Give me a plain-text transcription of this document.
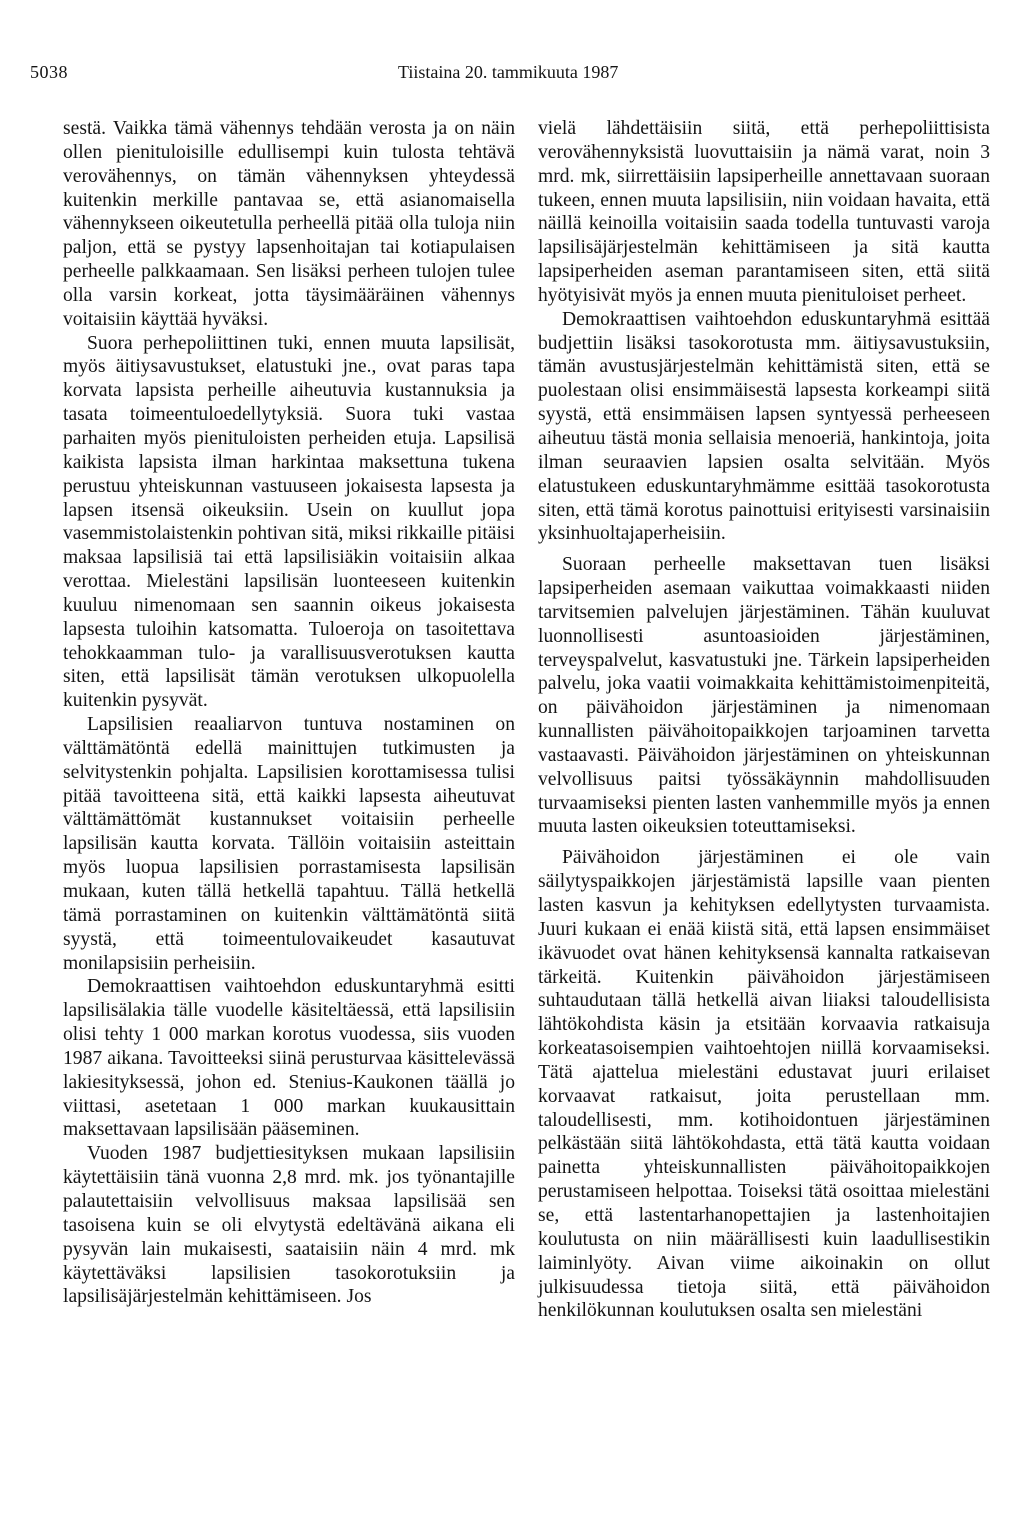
5038	Tiistaina 20. tammikuuta 1987

sestä. Vaikka tämä vähennys tehdään verosta ja on näin ollen pienituloisille edullisempi kuin tulosta tehtävä verovähennys, on tämän vähennyksen yhteydessä kuitenkin merkille pantavaa se, että asianomaisella vähennykseen oikeutetulla perheellä pitää olla tuloja niin paljon, että se pystyy lapsenhoitajan tai kotiapulaisen perheelle palkkaamaan. Sen lisäksi perheen tulojen tulee olla varsin korkeat, jotta täysimääräinen vähennys voitaisiin käyttää hyväksi.

Suora perhepoliittinen tuki, ennen muuta lapsilisät, myös äitiysavustukset, elatustuki jne., ovat paras tapa korvata lapsista perheille aiheutuvia kustannuksia ja tasata toimeentuloedellytyksiä. Suora tuki vastaa parhaiten myös pienituloisten perheiden etuja. Lapsilisä kaikista lapsista ilman harkintaa maksettuna tukena perustuu yhteiskunnan vastuuseen jokaisesta lapsesta ja lapsen itsensä oikeuksiin. Usein on kuullut jopa vasemmistolaistenkin pohtivan sitä, miksi rikkaille pitäisi maksaa lapsilisiä tai että lapsilisiäkin voitaisiin alkaa verottaa. Mielestäni lapsilisän luonteeseen kuitenkin kuuluu nimenomaan sen saannin oikeus jokaisesta lapsesta tuloihin katsomatta. Tuloeroja on tasoitettava tehokkaamman tulo- ja varallisuusverotuksen kautta siten, että lapsilisät tämän verotuksen ulkopuolella kuitenkin pysyvät.

Lapsilisien reaaliarvon tuntuva nostaminen on välttämätöntä edellä mainittujen tutkimusten ja selvitystenkin pohjalta. Lapsilisien korottamisessa tulisi pitää tavoitteena sitä, että kaikki lapsesta aiheutuvat välttämättömät kustannukset voitaisiin perheelle lapsilisän kautta korvata. Tällöin voitaisiin asteittain myös luopua lapsilisien porrastamisesta lapsilisän mukaan, kuten tällä hetkellä tapahtuu. Tällä hetkellä tämä porrastaminen on kuitenkin välttämätöntä siitä syystä, että toimeentulovaikeudet kasautuvat monilapsisiin perheisiin.

Demokraattisen vaihtoehdon eduskuntaryhmä esitti lapsilisälakia tälle vuodelle käsiteltäessä, että lapsilisiin olisi tehty 1 000 markan korotus vuodessa, siis vuoden 1987 aikana. Tavoitteeksi siinä perusturvaa käsittelevässä lakiesityksessä, johon ed. Stenius-Kaukonen täällä jo viittasi, asetetaan 1 000 markan kuukausittain maksettavaan lapsilisään pääseminen.

Vuoden 1987 budjettiesityksen mukaan lapsilisiin käytettäisiin tänä vuonna 2,8 mrd. mk. jos työnantajille palautettaisiin velvollisuus maksaa lapsilisää sen tasoisena kuin se oli elvytystä edeltävänä aikana eli pysyvän lain mukaisesti, saataisiin näin 4 mrd. mk käytettäväksi lapsilisien tasokorotuksiin ja lapsilisäjärjestelmän kehittämiseen. Jos

vielä lähdettäisiin siitä, että perhepoliittisista verovähennyksistä luovuttaisiin ja nämä varat, noin 3 mrd. mk, siirrettäisiin lapsiperheille annettavaan suoraan tukeen, ennen muuta lapsilisiin, niin voidaan havaita, että näillä keinoilla voitaisiin saada todella tuntuvasti varoja lapsilisäjärjestelmän kehittämiseen ja sitä kautta lapsiperheiden aseman parantamiseen siten, että siitä hyötyisivät myös ja ennen muuta pienituloiset perheet.

Demokraattisen vaihtoehdon eduskuntaryhmä esittää budjettiin lisäksi tasokorotusta mm. äitiysavustuksiin, tämän avustusjärjestelmän kehittämistä siten, että se puolestaan olisi ensimmäisestä lapsesta korkeampi siitä syystä, että ensimmäisen lapsen syntyessä perheeseen aiheutuu tästä monia sellaisia menoeriä, hankintoja, joita ilman seuraavien lapsien osalta selvitään. Myös elatustukeen eduskuntaryhmämme esittää tasokorotusta siten, että tämä korotus painottuisi erityisesti varsinaisiin yksinhuoltajaperheisiin.

Suoraan perheelle maksettavan tuen lisäksi lapsiperheiden asemaan vaikuttaa voimakkaasti niiden tarvitsemien palvelujen järjestäminen. Tähän kuuluvat luonnollisesti asuntoasioiden järjestäminen, terveyspalvelut, kasvatustuki jne. Tärkein lapsiperheiden palvelu, joka vaatii voimakkaita kehittämistoimenpiteitä, on päivähoidon järjestäminen ja nimenomaan kunnallisten päivähoitopaikkojen tarjoaminen tarvetta vastaavasti. Päivähoidon järjestäminen on yhteiskunnan velvollisuus paitsi työssäkäynnin mahdollisuuden turvaamiseksi pienten lasten vanhemmille myös ja ennen muuta lasten oikeuksien toteuttamiseksi.

Päivähoidon järjestäminen ei ole vain säilytyspaikkojen järjestämistä lapsille vaan pienten lasten kasvun ja kehityksen edellytysten turvaamista. Juuri kukaan ei enää kiistä sitä, että lapsen ensimmäiset ikävuodet ovat hänen kehityksensä kannalta ratkaisevan tärkeitä. Kuitenkin päivähoidon järjestämiseen suhtaudutaan tällä hetkellä aivan liiaksi taloudellisista lähtökohdista käsin ja etsitään korvaavia ratkaisuja korkeatasoisempien vaihtoehtojen niillä korvaamiseksi. Tätä ajattelua mielestäni edustavat juuri erilaiset korvaavat ratkaisut, joita perustellaan mm. taloudellisesti, mm. kotihoidontuen järjestäminen pelkästään siitä lähtökohdasta, että tätä kautta voidaan painetta yhteiskunnallisten päivähoitopaikkojen perustamiseen helpottaa. Toiseksi tätä osoittaa mielestäni se, että lastentarhanopettajien ja lastenhoitajien koulutusta on niin määrällisesti kuin laadullisestikin laiminlyöty. Aivan viime aikoinakin on ollut julkisuudessa tietoja siitä, että päivähoidon henkilökunnan koulutuksen osalta sen mielestäni
